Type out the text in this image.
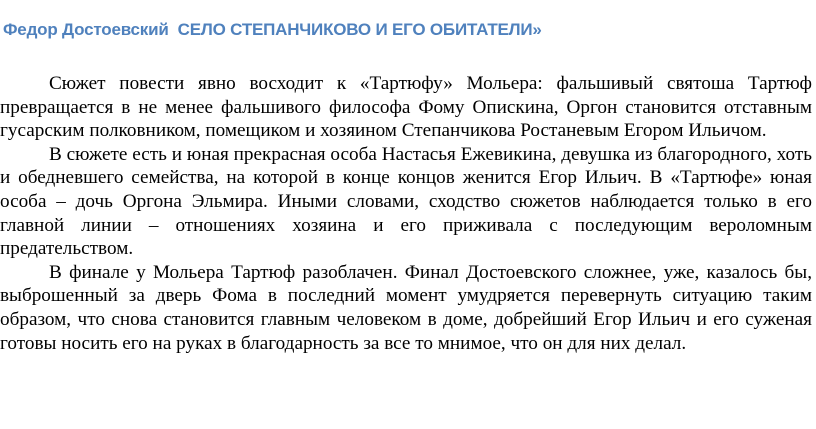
Федор Достоевский СЕЛО СТЕПАНЧИКОВО И ЕГО ОБИТАТЕЛИ»

Сюжет повести явно восходит к «Тартюфу» Мольера: фальшивый святоша Тартюф превращается в не менее фальшивого философа Фому Опискина, Оргон становится отставным гусарским полковником, помещиком и хозяином Степанчикова Ростаневым Егором Ильичом.

В сюжете есть и юная прекрасная особа Настасья Ежевикина, девушка из благородного, хоть и обедневшего семейства, на которой в конце концов женится Егор Ильич. В «Тартюфе» юная особа – дочь Оргона Эльмира. Иными словами, сходство сюжетов наблюдается только в его главной линии – отношениях хозяина и его приживала с последующим вероломным предательством.

В финале у Мольера Тартюф разоблачен. Финал Достоевского сложнее, уже, казалось бы, выброшенный за дверь Фома в последний момент умудряется перевернуть ситуацию таким образом, что снова становится главным человеком в доме, добрейший Егор Ильич и его суженая готовы носить его на руках в благодарность за все то мнимое, что он для них делал.
